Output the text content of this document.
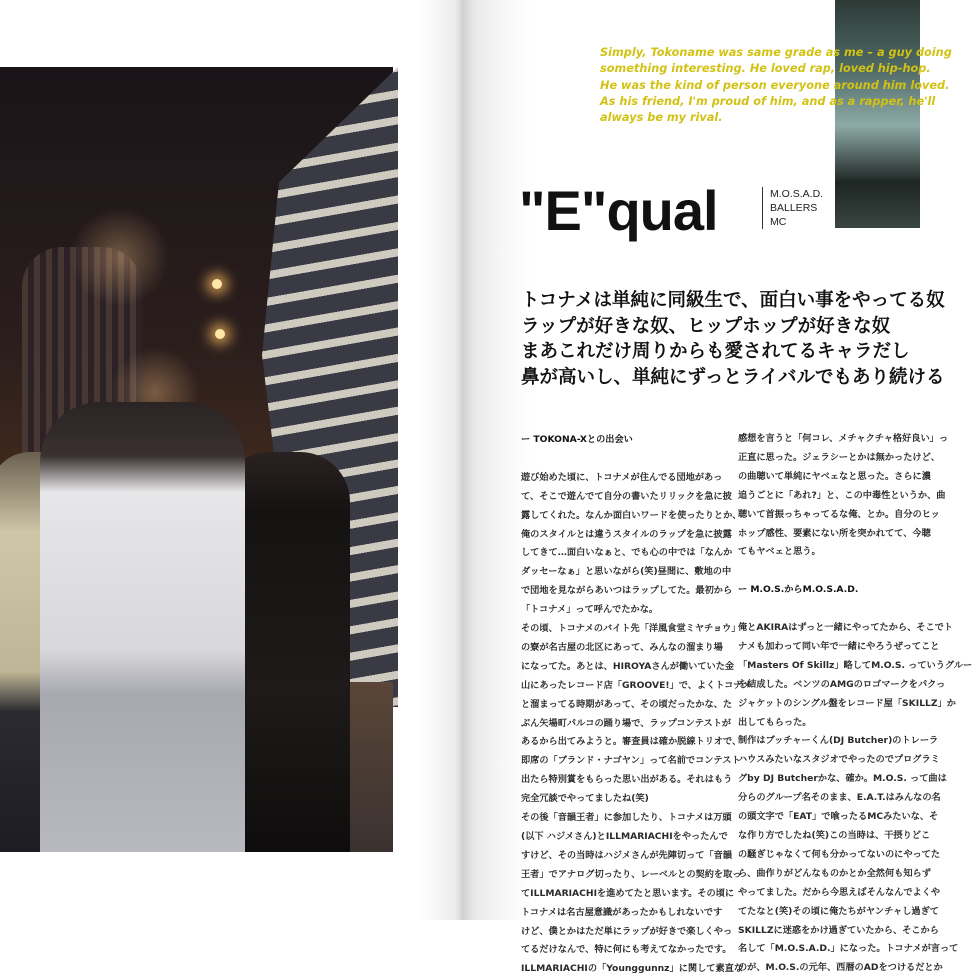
Simply, Tokoname was same grade as me – a guy doing
something interesting. He loved rap, loved hip-hop.
He was the kind of person everyone around him loved.
As his friend, I'm proud of him, and as a rapper, he'll
always be my rival.
"E"qual	M.O.S.A.D.
BALLERS
MC
トコナメは単純に同級生で、面白い事をやってる奴
ラップが好きな奴、ヒップホップが好きな奴
まあこれだけ周りからも愛されてるキャラだし
鼻が高いし、単純にずっとライバルでもあり続ける
ー TOKONA-Xとの出会い
遊び始めた頃に、トコナメが住んでる団地があっ
て、そこで遊んでて自分の書いたリリックを急に披
露してくれた。なんか面白いワードを使ったりとか、
俺のスタイルとは違うスタイルのラップを急に披露
してきて…面白いなぁと、でも心の中では「なんか
ダッセーなぁ」と思いながら(笑)昼間に、敷地の中
で団地を見ながらあいつはラップしてた。最初から
「トコナメ」って呼んでたかな。
その頃、トコナメのバイト先「洋風食堂ミヤチョウ」
の寮が名古屋の北区にあって、みんなの溜まり場
になってた。あとは、HIROYAさんが働いていた金
山にあったレコード店「GROOVE!」で、よくトコナメ
と溜まってる時期があって、その頃だったかな、た
ぶん矢場町パルコの踊り場で、ラップコンテストが
あるから出てみようと。審査員は確か脱線トリオで、
即席の「ブランド・ナゴヤン」って名前でコンテスト
出たら特別賞をもらった思い出がある。それはもう
完全冗談でやってましたね(笑)
その後「音韻王者」に参加したり、トコナメは万頭
(以下 ハジメさん)とILLMARIACHIをやったんで
すけど、その当時はハジメさんが先陣切って「音韻
王者」でアナログ切ったり、レーベルとの契約を取っ
てILLMARIACHIを進めてたと思います。その頃に
トコナメは名古屋意識があったかもしれないです
けど、僕とかはただ単にラップが好きで楽しくやっ
てるだけなんで、特に何にも考えてなかったです。
ILLMARIACHIの「Younggunnz」に関して素直な
感想を言うと「何コレ、メチャクチャ格好良い」っ
正直に思った。ジェラシーとかは無かったけど、
の曲聴いて単純にヤベェなと思った。さらに濃
追うごとに「あれ?」と、この中毒性というか、曲
聴いて首振っちゃってるな俺、とか。自分のヒッ
ホップ感性、要素にない所を突かれてて、今聴
てもヤベェと思う。
ー M.O.S.からM.O.S.A.D.
俺とAKIRAはずっと一緒にやってたから、そこでト
ナメも加わって同い年で一緒にやろうぜってこと
「Masters Of Skillz」略してM.O.S. っていうグルー
を結成した。ベンツのAMGのロゴマークをパクっ
ジャケットのシングル盤をレコード屋「SKILLZ」か
出してもらった。
制作はブッチャーくん(DJ Butcher)のトレーラ
ハウスみたいなスタジオでやったのでプログラミ
グby DJ Butcherかな、確か。M.O.S. って曲は
分らのグループ名そのまま、E.A.T.はみんなの名
の頭文字で「EAT」で喰ったるMCみたいな、そ
な作り方でしたね(笑)この当時は、干摂りどこ
の騒ぎじゃなくて何も分かってないのにやってた
ら、曲作りがどんなものかとか全然何も知らず
やってました。だから今思えばそんなんでよくや
てたなと(笑)その頃に俺たちがヤンチャし過ぎて
SKILLZに迷惑をかけ過ぎていたから、そこから
名して「M.O.S.A.D.」になった。トコナメが言って
のが、M.O.S.の元年、西暦のADをつけるだとか
